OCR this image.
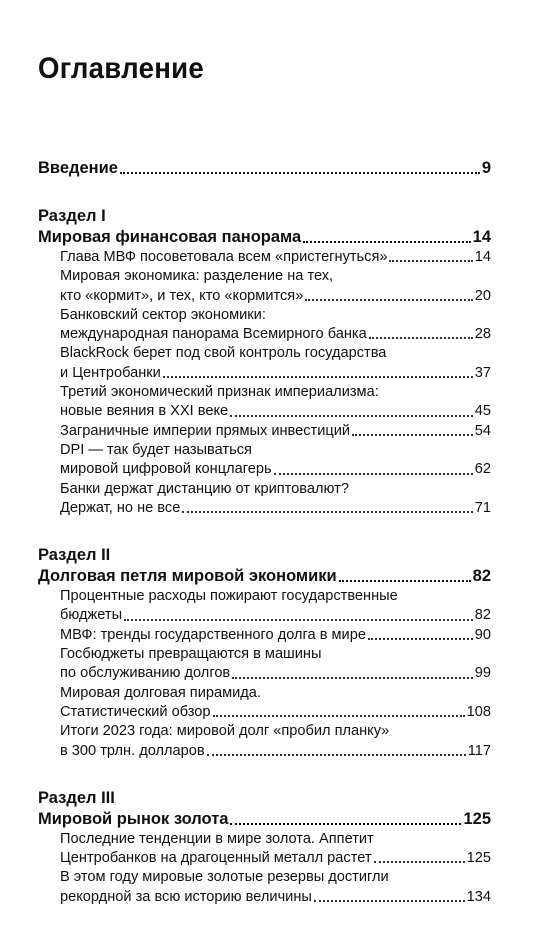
Оглавление
Введение	9
Раздел I
Мировая финансовая панорама	14
Глава МВФ посоветовала всем «пристегнуться»	14
Мировая экономика: разделение на тех,
кто «кормит», и тех, кто «кормится»	20
Банковский сектор экономики:
международная панорама Всемирного банка	28
BlackRock берет под свой контроль государства
и Центробанки	37
Третий экономический признак империализма:
новые веяния в XXI веке	45
Заграничные империи прямых инвестиций	54
DPI — так будет называться
мировой цифровой концлагерь	62
Банки держат дистанцию от криптовалют?
Держат, но не все	71
Раздел II
Долговая петля мировой экономики	82
Процентные расходы пожирают государственные
бюджеты	82
МВФ: тренды государственного долга в мире	90
Госбюджеты превращаются в машины
по обслуживанию долгов	99
Мировая долговая пирамида.
Статистический обзор	108
Итоги 2023 года: мировой долг «пробил планку»
в 300 трлн. долларов	117
Раздел III
Мировой рынок золота	125
Последние тенденции в мире золота. Аппетит
Центробанков на драгоценный металл растет	125
В этом году мировые золотые резервы достигли
рекордной за всю историю величины	134
